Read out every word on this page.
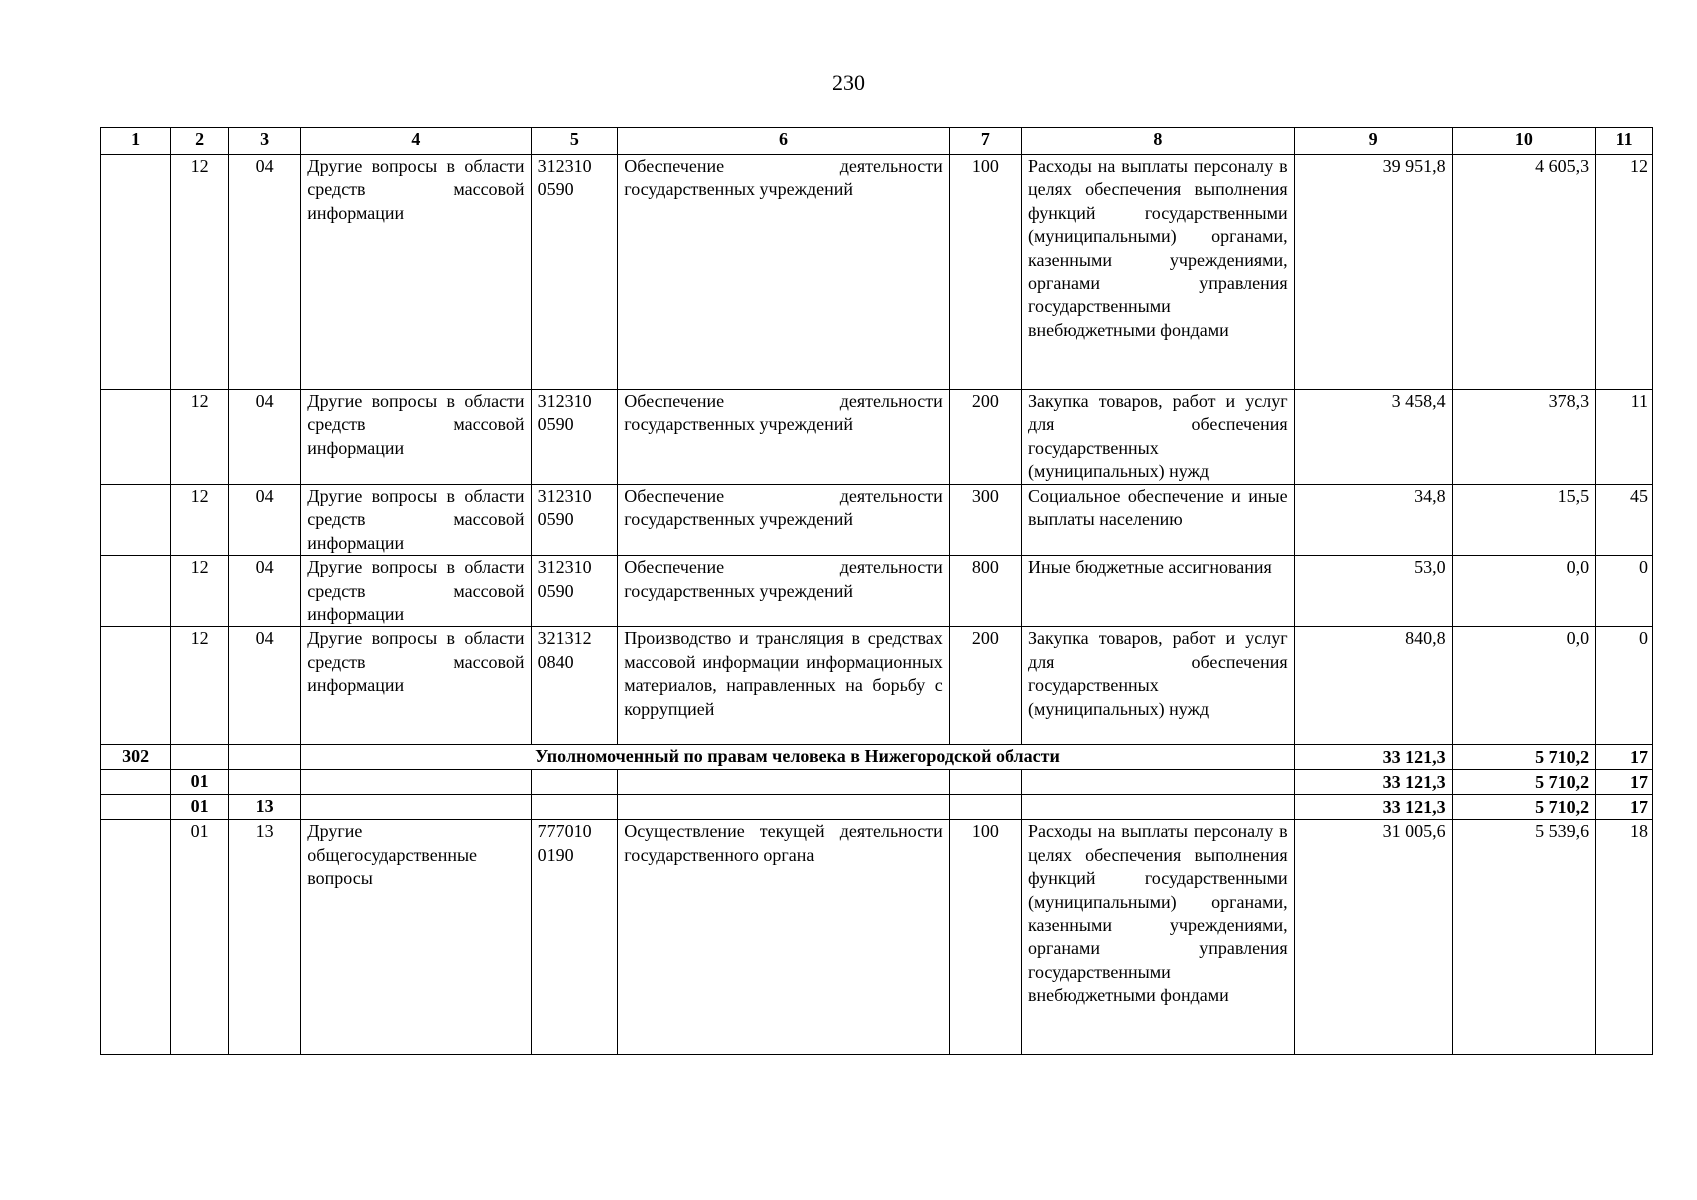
230
1	2	3	4	5	6	7	8	9	10	11
	12	04	Другие вопросы в области средств массовой информации	312310 0590	Обеспечение деятельности государственных учреждений	100	Расходы на выплаты персоналу в целях обеспечения выполнения функций государственными (муниципальными) органами, казенными учреждениями, органами управления государственными внебюджетными фондами	39 951,8	4 605,3	12
	12	04	Другие вопросы в области средств массовой информации	312310 0590	Обеспечение деятельности государственных учреждений	200	Закупка товаров, работ и услуг для обеспечения государственных (муниципальных) нужд	3 458,4	378,3	11
	12	04	Другие вопросы в области средств массовой информации	312310 0590	Обеспечение деятельности государственных учреждений	300	Социальное обеспечение и иные выплаты населению	34,8	15,5	45
	12	04	Другие вопросы в области средств массовой информации	312310 0590	Обеспечение деятельности государственных учреждений	800	Иные бюджетные ассигнования	53,0	0,0	0
	12	04	Другие вопросы в области средств массовой информации	321312 0840	Производство и трансляция в средствах массовой информации информационных материалов, направленных на борьбу с коррупцией	200	Закупка товаров, работ и услуг для обеспечения государственных (муниципальных) нужд	840,8	0,0	0
302			Уполномоченный по правам человека в Нижегородской области					33 121,3	5 710,2	17
	01							33 121,3	5 710,2	17
	01	13						33 121,3	5 710,2	17
	01	13	Другие общегосударственные вопросы	777010 0190	Осуществление текущей деятельности государственного органа	100	Расходы на выплаты персоналу в целях обеспечения выполнения функций государственными (муниципальными) органами, казенными учреждениями, органами управления государственными внебюджетными фондами	31 005,6	5 539,6	18
